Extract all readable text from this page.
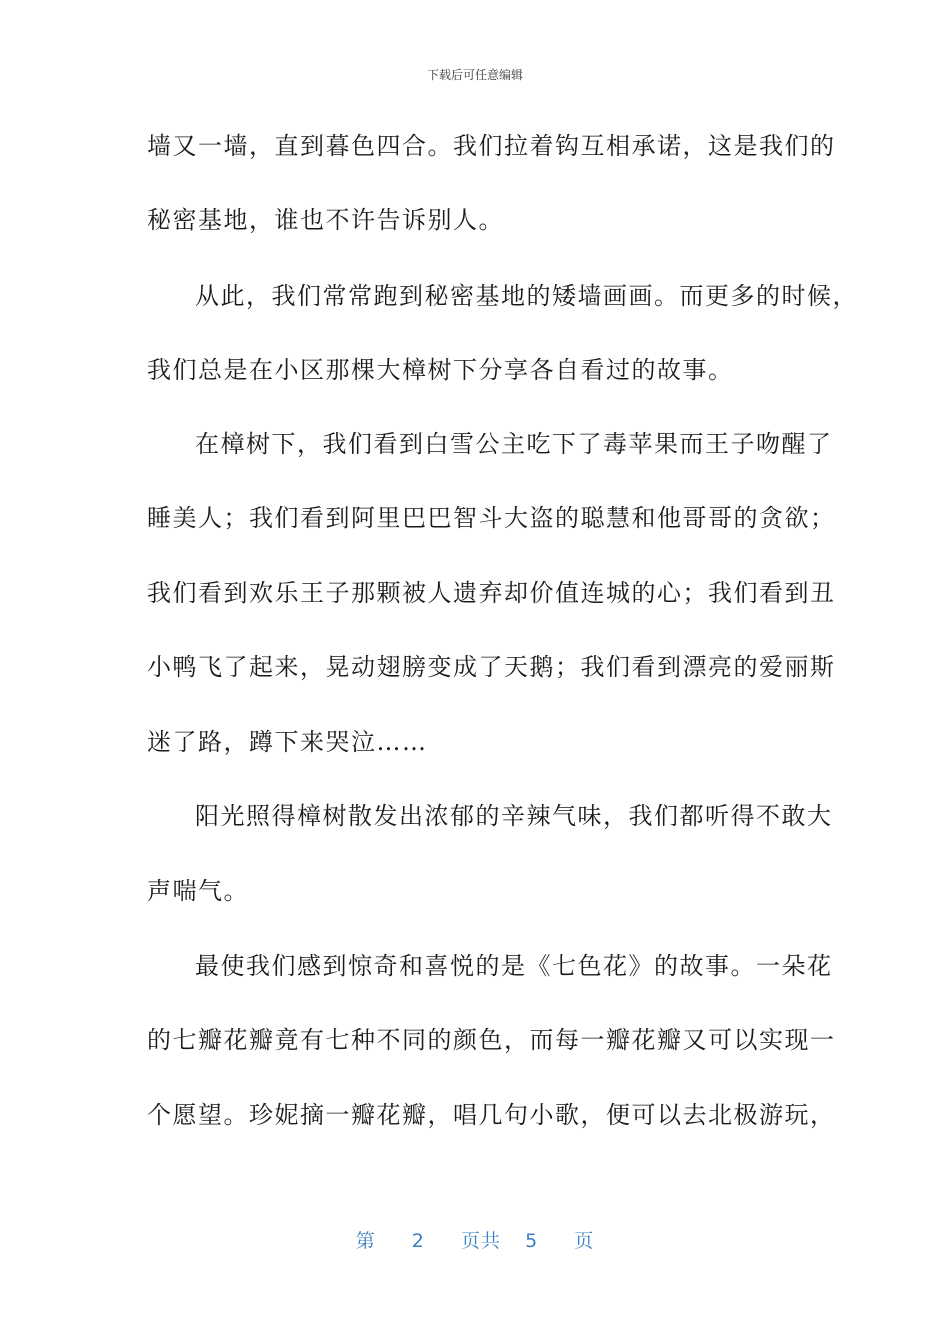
下载后可任意编辑
墙又一墙，直到暮色四合。我们拉着钩互相承诺，这是我们的
秘密基地，谁也不许告诉别人。
从此，我们常常跑到秘密基地的矮墙画画。而更多的时候，
我们总是在小区那棵大樟树下分享各自看过的故事。
在樟树下，我们看到白雪公主吃下了毒苹果而王子吻醒了
睡美人；我们看到阿里巴巴智斗大盗的聪慧和他哥哥的贪欲；
我们看到欢乐王子那颗被人遗弃却价值连城的心；我们看到丑
小鸭飞了起来，晃动翅膀变成了天鹅；我们看到漂亮的爱丽斯
迷了路，蹲下来哭泣……
阳光照得樟树散发出浓郁的辛辣气味，我们都听得不敢大
声喘气。
最使我们感到惊奇和喜悦的是《七色花》的故事。一朵花
的七瓣花瓣竟有七种不同的颜色，而每一瓣花瓣又可以实现一
个愿望。珍妮摘一瓣花瓣，唱几句小歌，便可以去北极游玩，
第 2 页共 5 页
